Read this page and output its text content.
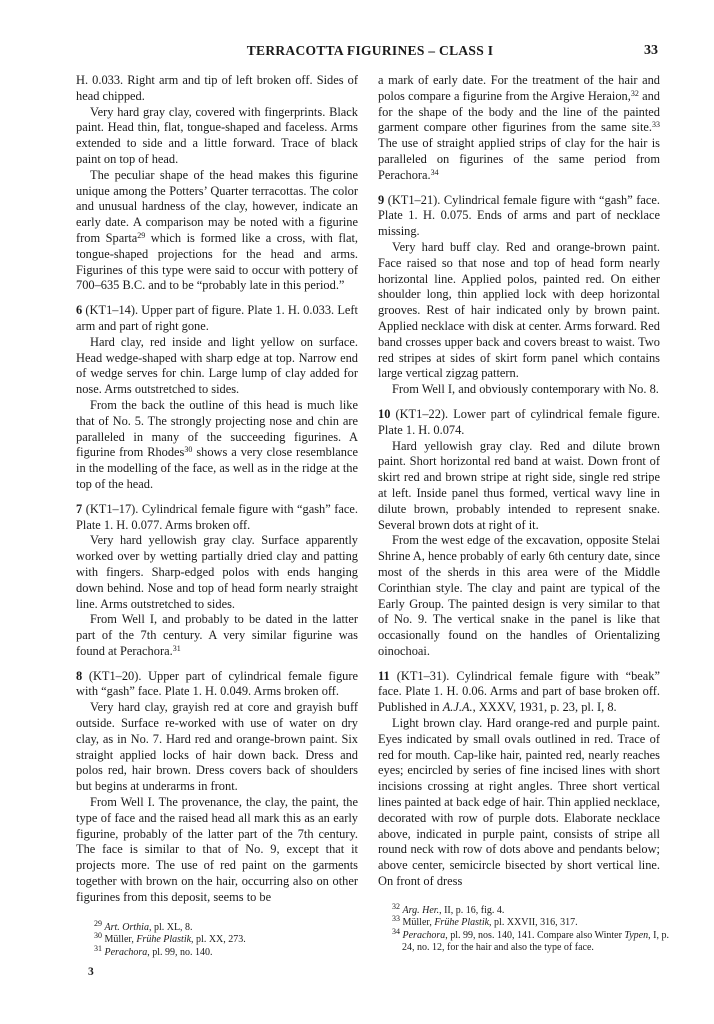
TERRACOTTA FIGURINES – CLASS I	33

H. 0.033. Right arm and tip of left broken off. Sides of head chipped.

Very hard gray clay, covered with fingerprints. Black paint. Head thin, flat, tongue-shaped and faceless. Arms extended to side and a little forward. Trace of black paint on top of head.

The peculiar shape of the head makes this figurine unique among the Potters’ Quarter terracottas. The color and unusual hardness of the clay, however, indicate an early date. A comparison may be noted with a figurine from Sparta$^{29}$ which is formed like a cross, with flat, tongue-shaped projections for the head and arms. Figurines of this type were said to occur with pottery of 700–635 B.C. and to be “probably late in this period.”

6 (KT1–14). Upper part of figure. Plate 1. H. 0.033. Left arm and part of right gone.

Hard clay, red inside and light yellow on surface. Head wedge-shaped with sharp edge at top. Narrow end of wedge serves for chin. Large lump of clay added for nose. Arms outstretched to sides.

From the back the outline of this head is much like that of No. 5. The strongly projecting nose and chin are paralleled in many of the succeeding figurines. A figurine from Rhodes$^{30}$ shows a very close resemblance in the modelling of the face, as well as in the ridge at the top of the head.

7 (KT1–17). Cylindrical female figure with “gash” face. Plate 1. H. 0.077. Arms broken off.

Very hard yellowish gray clay. Surface apparently worked over by wetting partially dried clay and patting with fingers. Sharp-edged polos with ends hanging down behind. Nose and top of head form nearly straight line. Arms outstretched to sides.

From Well I, and probably to be dated in the latter part of the 7th century. A very similar figurine was found at Perachora.$^{31}$

8 (KT1–20). Upper part of cylindrical female figure with “gash” face. Plate 1. H. 0.049. Arms broken off.

Very hard clay, grayish red at core and grayish buff outside. Surface re-worked with use of water on dry clay, as in No. 7. Hard red and orange-brown paint. Six straight applied locks of hair down back. Dress and polos red, hair brown. Dress covers back of shoulders but begins at underarms in front.

From Well I. The provenance, the clay, the paint, the type of face and the raised head all mark this as an early figurine, probably of the latter part of the 7th century. The face is similar to that of No. 9, except that it projects more. The use of red paint on the garments together with brown on the hair, occurring also on other figurines from this deposit, seems to be

a mark of early date. For the treatment of the hair and polos compare a figurine from the Argive Heraion,$^{32}$ and for the shape of the body and the line of the painted garment compare other figurines from the same site.$^{33}$ The use of straight applied strips of clay for the hair is paralleled on figurines of the same period from Perachora.$^{34}$

9 (KT1–21). Cylindrical female figure with “gash” face. Plate 1. H. 0.075. Ends of arms and part of necklace missing.

Very hard buff clay. Red and orange-brown paint. Face raised so that nose and top of head form nearly horizontal line. Applied polos, painted red. On either shoulder long, thin applied lock with deep horizontal grooves. Rest of hair indicated only by brown paint. Applied necklace with disk at center. Arms forward. Red band crosses upper back and covers breast to waist. Two red stripes at sides of skirt form panel which contains large vertical zigzag pattern.

From Well I, and obviously contemporary with No. 8.

10 (KT1–22). Lower part of cylindrical female figure. Plate 1. H. 0.074.

Hard yellowish gray clay. Red and dilute brown paint. Short horizontal red band at waist. Down front of skirt red and brown stripe at right side, single red stripe at left. Inside panel thus formed, vertical wavy line in dilute brown, probably intended to represent snake. Several brown dots at right of it.

From the west edge of the excavation, opposite Stelai Shrine A, hence probably of early 6th century date, since most of the sherds in this area were of the Middle Corinthian style. The clay and paint are typical of the Early Group. The painted design is very similar to that of No. 9. The vertical snake in the panel is like that occasionally found on the handles of Orientalizing oinochoai.

11 (KT1–31). Cylindrical female figure with “beak” face. Plate 1. H. 0.06. Arms and part of base broken off. Published in A.J.A., XXXV, 1931, p. 23, pl. I, 8.

Light brown clay. Hard orange-red and purple paint. Eyes indicated by small ovals outlined in red. Trace of red for mouth. Cap-like hair, painted red, nearly reaches eyes; encircled by series of fine incised lines with short incisions crossing at right angles. Three short vertical lines painted at back edge of hair. Thin applied necklace, decorated with row of purple dots. Elaborate necklace above, indicated in purple paint, consists of stripe all round neck with row of dots above and pendants below; above center, semicircle bisected by short vertical line. On front of dress

$^{29}$ Art. Orthia, pl. XL, 8.

$^{30}$ Müller, Frühe Plastik, pl. XX, 273.

$^{31}$ Perachora, pl. 99, no. 140.

$^{32}$ Arg. Her., II, p. 16, fig. 4.

$^{33}$ Müller, Frühe Plastik, pl. XXVII, 316, 317.

$^{34}$ Perachora, pl. 99, nos. 140, 141. Compare also Winter Typen, I, p. 24, no. 12, for the hair and also the type of face.

3
